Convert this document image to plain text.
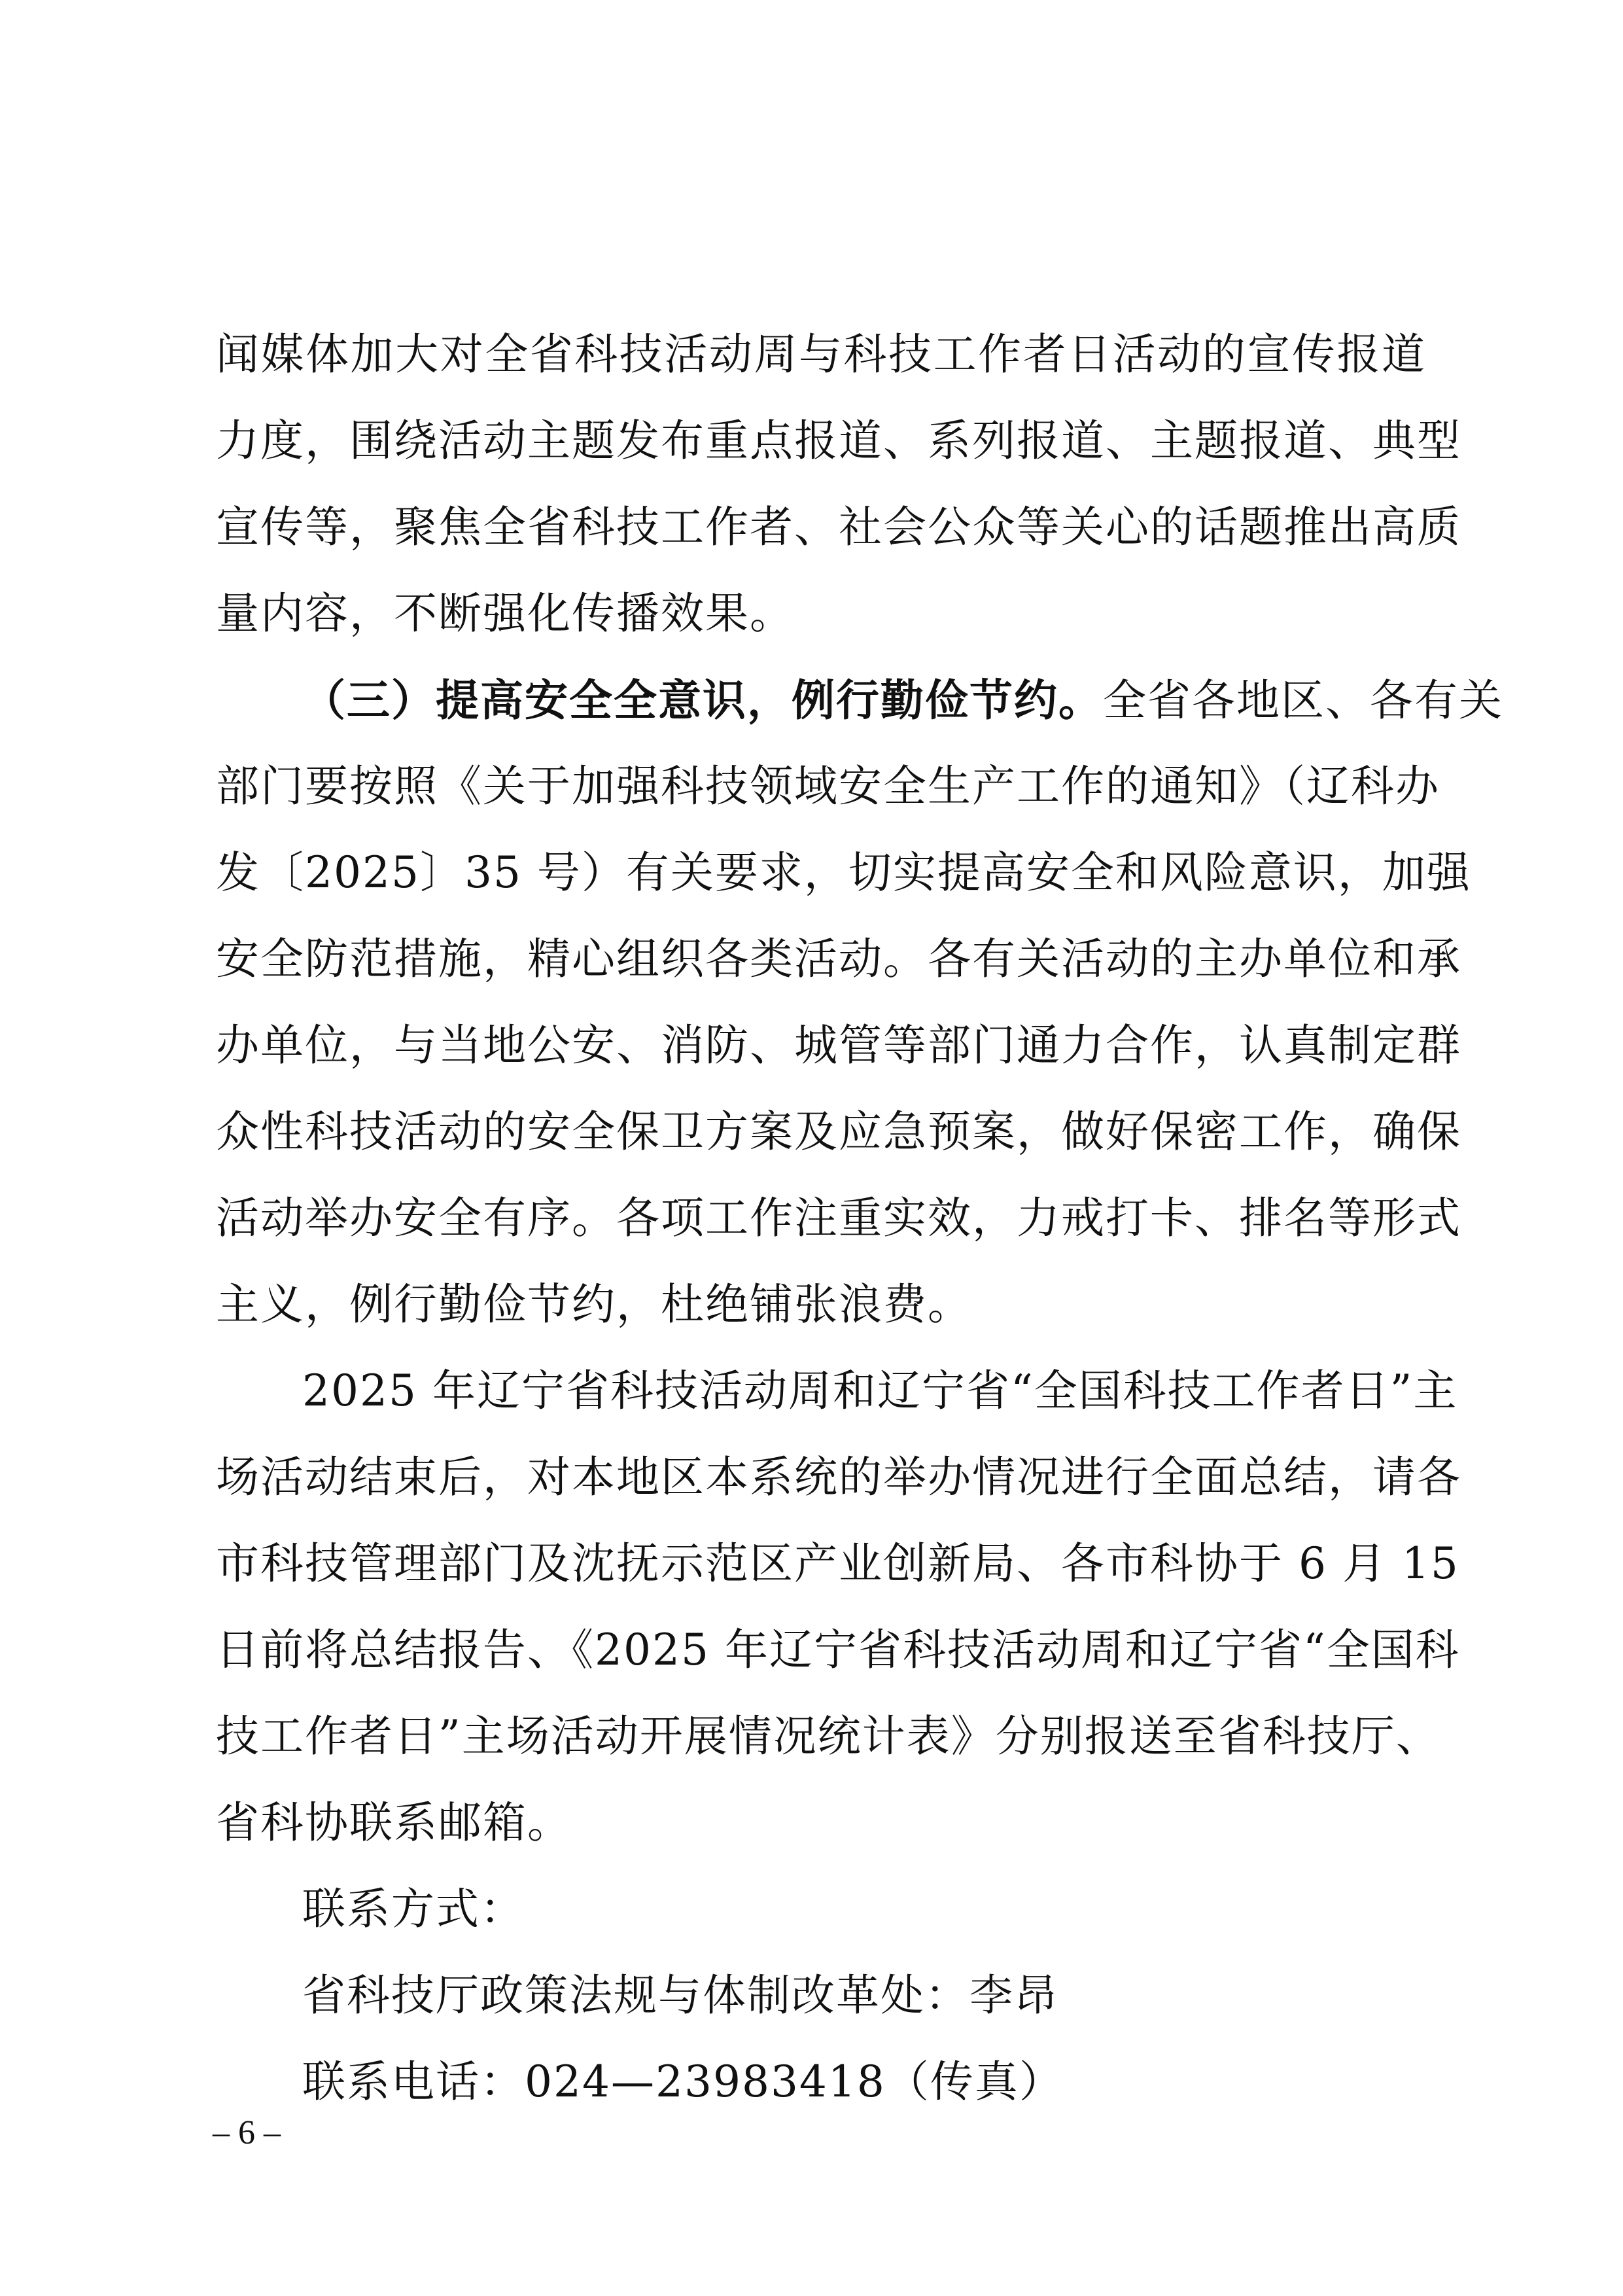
闻媒体加大对全省科技活动周与科技工作者日活动的宣传报道
力度，围绕活动主题发布重点报道、系列报道、主题报道、典型
宣传等，聚焦全省科技工作者、社会公众等关心的话题推出高质
量内容，不断强化传播效果。
（三）提高安全全意识，例行勤俭节约。全省各地区、各有关
部门要按照《关于加强科技领域安全生产工作的通知》（辽科办
发〔2025〕35 号）有关要求，切实提高安全和风险意识，加强
安全防范措施，精心组织各类活动。各有关活动的主办单位和承
办单位，与当地公安、消防、城管等部门通力合作，认真制定群
众性科技活动的安全保卫方案及应急预案，做好保密工作，确保
活动举办安全有序。各项工作注重实效，力戒打卡、排名等形式
主义，例行勤俭节约，杜绝铺张浪费。
2025 年辽宁省科技活动周和辽宁省“全国科技工作者日”主
场活动结束后，对本地区本系统的举办情况进行全面总结，请各
市科技管理部门及沈抚示范区产业创新局、各市科协于 6 月 15
日前将总结报告、《2025 年辽宁省科技活动周和辽宁省“全国科
技工作者日”主场活动开展情况统计表》分别报送至省科技厅、
省科协联系邮箱。
联系方式：
省科技厅政策法规与体制改革处：李昂
联系电话：024—23983418（传真）
– 6 –
